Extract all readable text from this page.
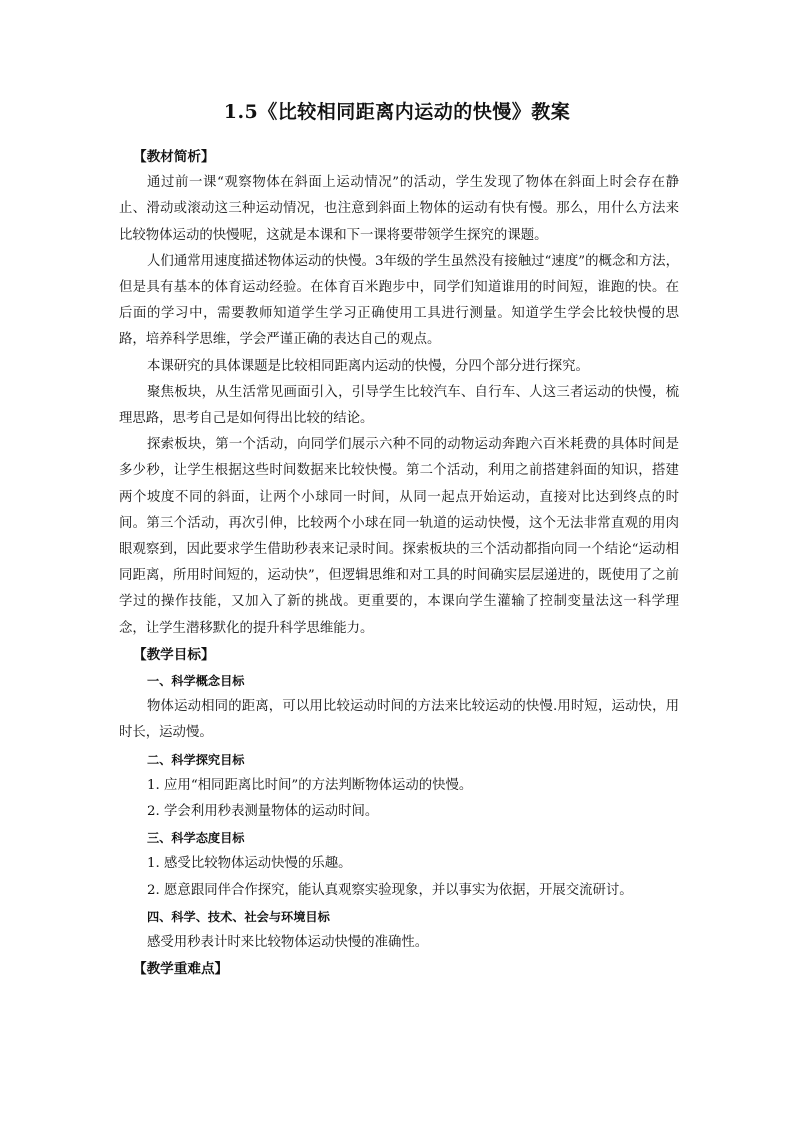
1.5《比较相同距离内运动的快慢》教案

【教材简析】

通过前一课“观察物体在斜面上运动情况”的活动，学生发现了物体在斜面上时会存在静止、滑动或滚动这三种运动情况，也注意到斜面上物体的运动有快有慢。那么，用什么方法来比较物体运动的快慢呢，这就是本课和下一课将要带领学生探究的课题。

人们通常用速度描述物体运动的快慢。3年级的学生虽然没有接触过“速度”的概念和方法，但是具有基本的体育运动经验。在体育百米跑步中，同学们知道谁用的时间短，谁跑的快。在后面的学习中，需要教师知道学生学习正确使用工具进行测量。知道学生学会比较快慢的思路，培养科学思维，学会严谨正确的表达自己的观点。

本课研究的具体课题是比较相同距离内运动的快慢，分四个部分进行探究。

聚焦板块，从生活常见画面引入，引导学生比较汽车、自行车、人这三者运动的快慢，梳理思路，思考自己是如何得出比较的结论。

探索板块，第一个活动，向同学们展示六种不同的动物运动奔跑六百米耗费的具体时间是多少秒，让学生根据这些时间数据来比较快慢。第二个活动，利用之前搭建斜面的知识，搭建两个坡度不同的斜面，让两个小球同一时间，从同一起点开始运动，直接对比达到终点的时间。第三个活动，再次引伸，比较两个小球在同一轨道的运动快慢，这个无法非常直观的用肉眼观察到，因此要求学生借助秒表来记录时间。探索板块的三个活动都指向同一个结论“运动相同距离，所用时间短的，运动快”，但逻辑思维和对工具的时间确实层层递进的，既使用了之前学过的操作技能，又加入了新的挑战。更重要的，本课向学生灌输了控制变量法这一科学理念，让学生潜移默化的提升科学思维能力。

【教学目标】

一、科学概念目标

物体运动相同的距离，可以用比较运动时间的方法来比较运动的快慢.用时短，运动快，用时长，运动慢。

二、科学探究目标

1. 应用“相同距离比时间”的方法判断物体运动的快慢。

2. 学会利用秒表测量物体的运动时间。

三、科学态度目标

1. 感受比较物体运动快慢的乐趣。

2. 愿意跟同伴合作探究，能认真观察实验现象，并以事实为依据，开展交流研讨。

四、科学、技术、社会与环境目标

感受用秒表计时来比较物体运动快慢的准确性。

【教学重难点】
